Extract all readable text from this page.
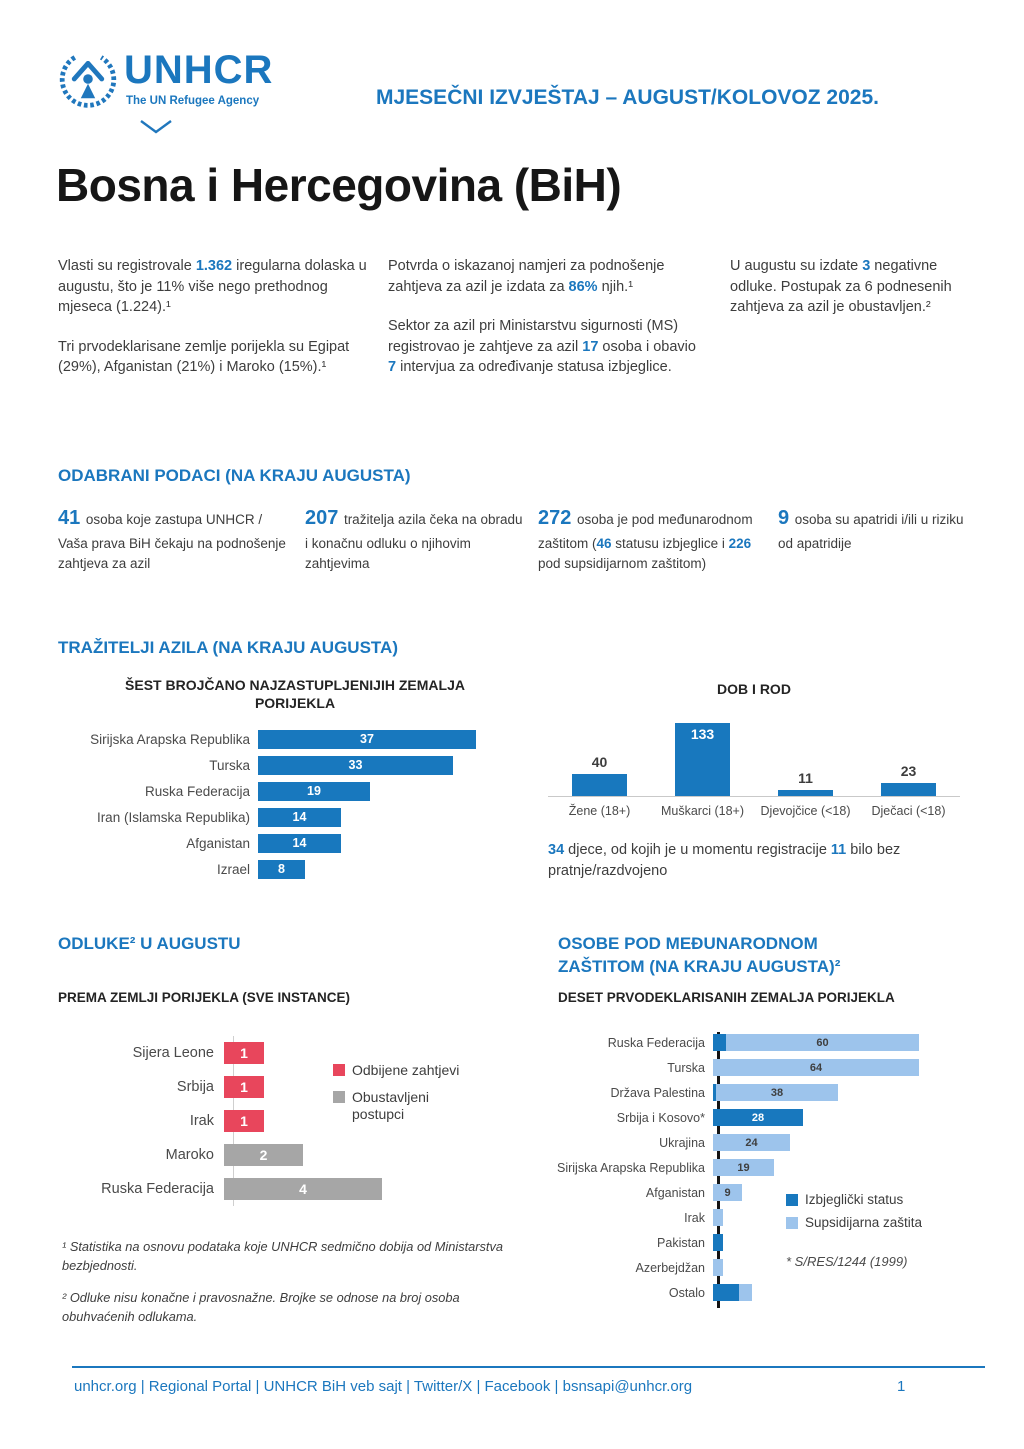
UNHCR
The UN Refugee Agency	MJESEČNI IZVJEŠTAJ – AUGUST/KOLOVOZ 2025.
Bosna i Hercegovina (BiH)

Vlasti su registrovale 1.362 iregularna dolaska u augustu, što je 11% više nego prethodnog mjeseca (1.224).¹

Tri prvodeklarisane zemlje porijekla su Egipat (29%), Afganistan (21%) i Maroko (15%).¹

Potvrda o iskazanoj namjeri za podnošenje zahtjeva za azil je izdata za 86% njih.¹

Sektor za azil pri Ministarstvu sigurnosti (MS) registrovao je zahtjeve za azil 17 osoba i obavio 7 intervjua za određivanje statusa izbjeglice.

U augustu su izdate 3 negativne odluke. Postupak za 6 podnesenih zahtjeva za azil je obustavljen.²

ODABRANI PODACI (NA KRAJU AUGUSTA)
41 osoba koje zastupa UNHCR / Vaša prava BiH čekaju na podnošenje zahtjeva za azil
207 tražitelja azila čeka na obradu i konačnu odluku o njihovim zahtjevima
272 osoba je pod međunarodnom zaštitom (46 statusu izbjeglice i 226 pod supsidijarnom zaštitom)
9 osoba su apatridi i/ili u riziku od apatridije
TRAŽITELJI AZILA (NA KRAJU AUGUSTA)
ŠEST BROJČANO NAJZASTUPLJENIJIH ZEMALJA PORIJEKLA
Sirijska Arapska Republika	37
Turska	33
Ruska Federacija	19
Iran (Islamska Republika)	14
Afganistan	14
Izrael	8
DOB I ROD
40
Žene (18+)
133
Muškarci (18+)
11
Djevojčice (<18)
23
Dječaci (<18)
34 djece, od kojih je u momentu registracije 11 bilo bez pratnje/razdvojeno
ODLUKE² U AUGUSTU
PREMA ZEMLJI PORIJEKLA (SVE INSTANCE)
Sijera Leone	1
Srbija	1
Irak	1
Maroko	2
Ruska Federacija	4
Odbijene zahtjevi
Obustavljeni postupci
OSOBE POD MEĐUNARODNOM ZAŠTITOM (NA KRAJU AUGUSTA)²
DESET PRVODEKLARISANIH ZEMALJA PORIJEKLA
Ruska Federacija	60
Turska	64
Država Palestina	38
Srbija i Kosovo*	28
Ukrajina	24
Sirijska Arapska Republika	19
Afganistan	9
Irak
Pakistan
Azerbejdžan
Ostalo
Izbjeglički status
Supsidijarna zaštita
* S/RES/1244 (1999)

¹ Statistika na osnovu podataka koje UNHCR sedmično dobija od Ministarstva bezbjednosti.

² Odluke nisu konačne i pravosnažne. Brojke se odnose na broj osoba obuhvaćenih odlukama.

unhcr.org | Regional Portal | UNHCR BiH veb sajt | Twitter/X | Facebook | bsnsapi@unhcr.org	1
